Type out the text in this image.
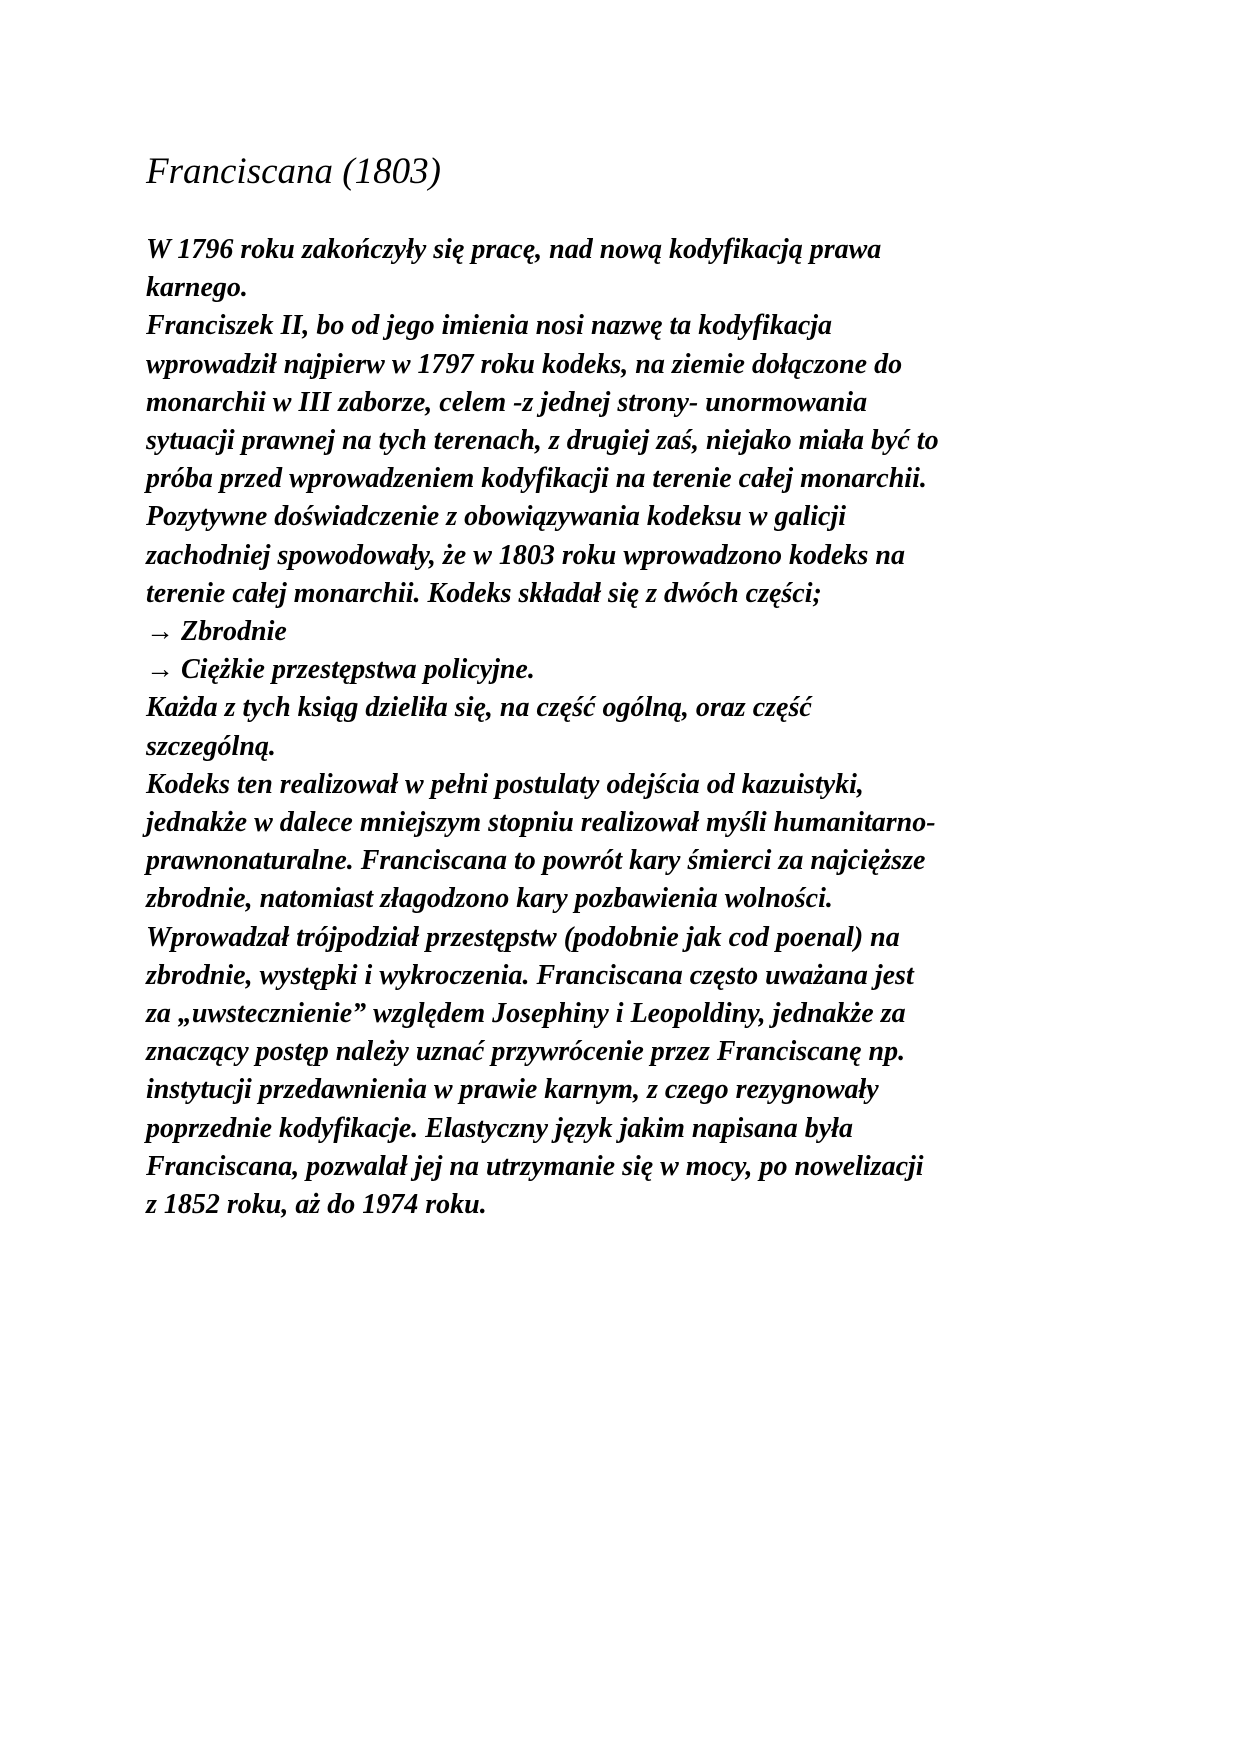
Franciscana (1803)
W 1796 roku zakończyły się pracę, nad nową kodyfikacją prawa
karnego.
Franciszek II, bo od jego imienia nosi nazwę ta kodyfikacja
wprowadził najpierw w 1797 roku kodeks, na ziemie dołączone do
monarchii w III zaborze, celem -z jednej strony- unormowania
sytuacji prawnej na tych terenach, z drugiej zaś, niejako miała być to
próba przed wprowadzeniem kodyfikacji na terenie całej monarchii.
Pozytywne doświadczenie z obowiązywania kodeksu w galicji
zachodniej spowodowały, że w 1803 roku wprowadzono kodeks na
terenie całej monarchii. Kodeks składał się z dwóch części;
→ Zbrodnie
→ Ciężkie przestępstwa policyjne.
Każda z tych ksiąg dzieliła się, na część ogólną, oraz część
szczególną.
Kodeks ten realizował w pełni postulaty odejścia od kazuistyki,
jednakże w dalece mniejszym stopniu realizował myśli humanitarno-
prawnonaturalne. Franciscana to powrót kary śmierci za najcięższe
zbrodnie, natomiast złagodzono kary pozbawienia wolności.
Wprowadzał trójpodział przestępstw (podobnie jak cod poenal) na
zbrodnie, występki i wykroczenia. Franciscana często uważana jest
za „uwstecznienie” względem Josephiny i Leopoldiny, jednakże za
znaczący postęp należy uznać przywrócenie przez Franciscanę np.
instytucji przedawnienia w prawie karnym, z czego rezygnowały
poprzednie kodyfikacje. Elastyczny język jakim napisana była
Franciscana, pozwalał jej na utrzymanie się w mocy, po nowelizacji
z 1852 roku, aż do 1974 roku.
